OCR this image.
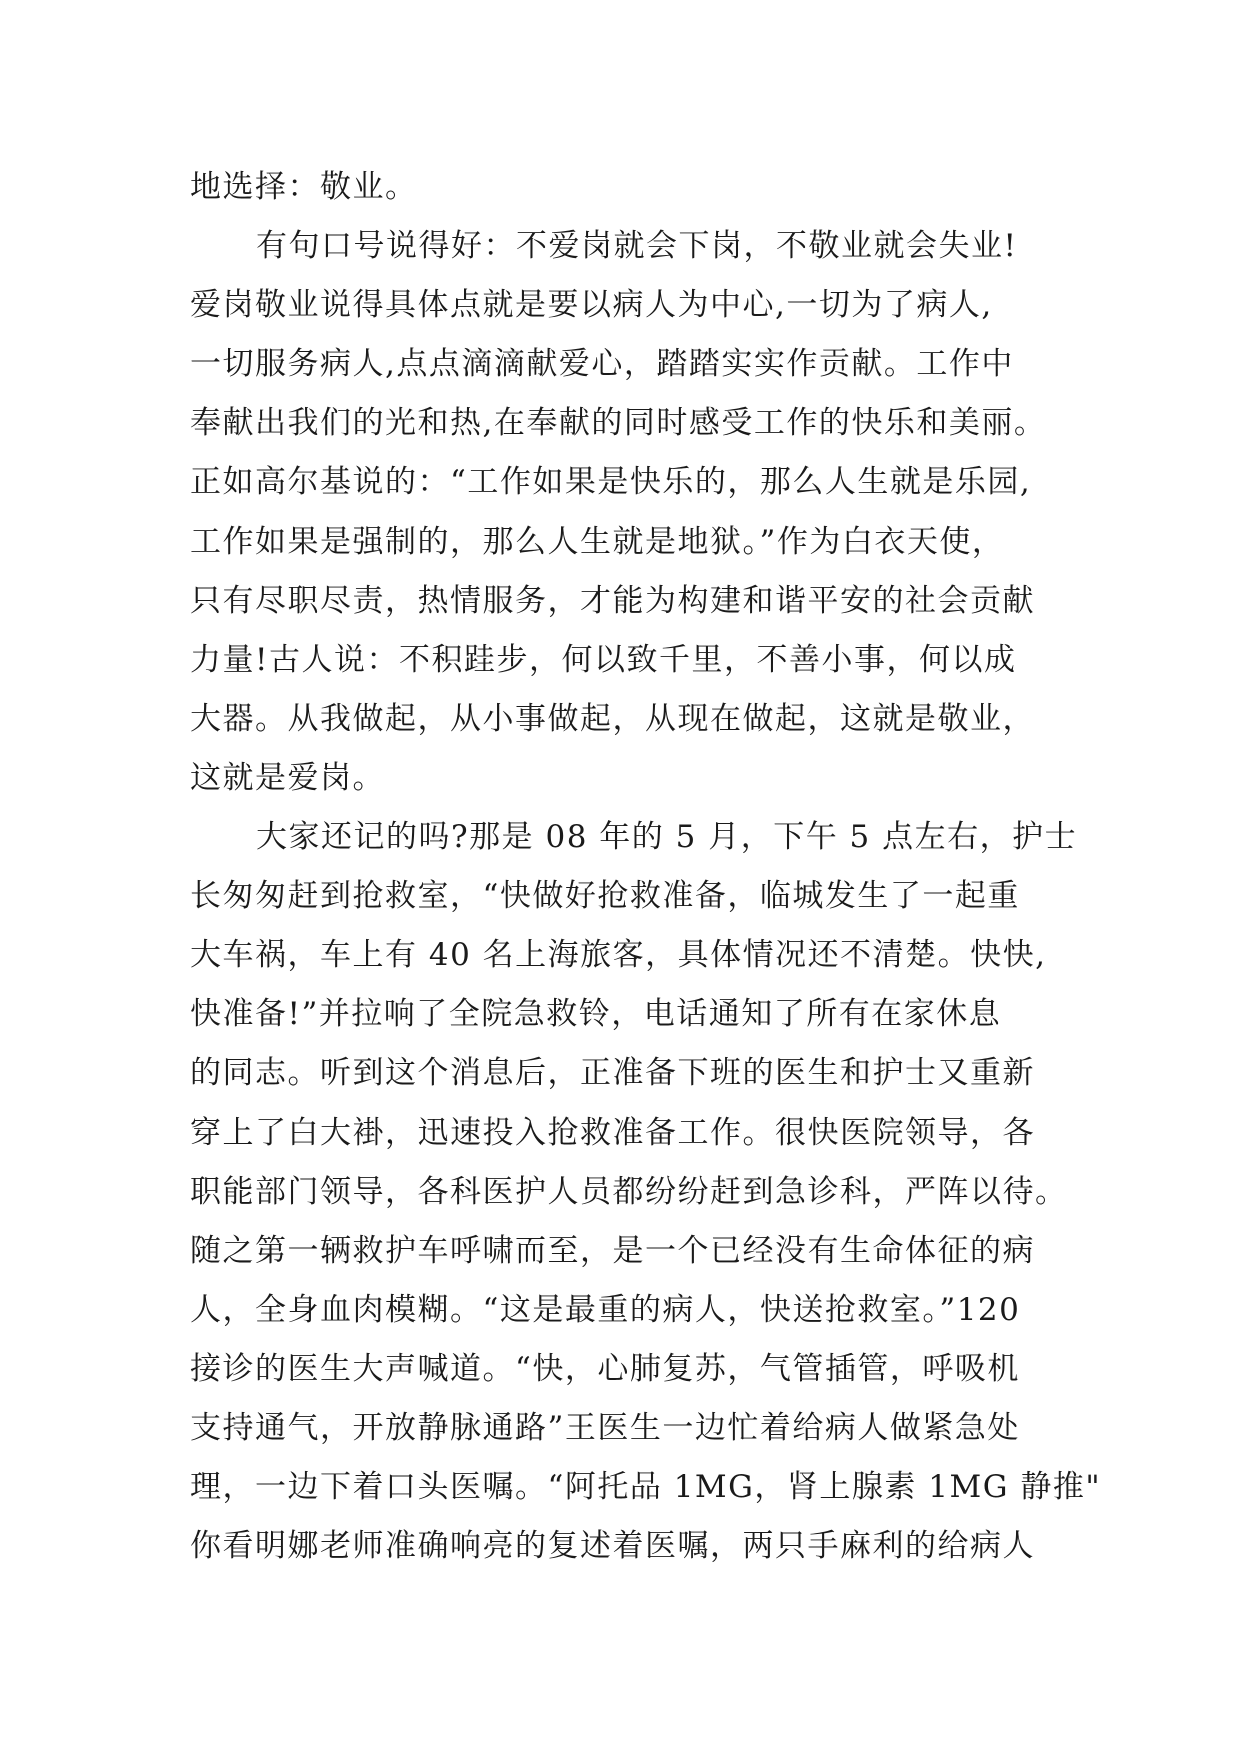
地选择：敬业。
有句口号说得好：不爱岗就会下岗，不敬业就会失业!
爱岗敬业说得具体点就是要以病人为中心,一切为了病人,
一切服务病人,点点滴滴献爱心，踏踏实实作贡献。工作中
奉献出我们的光和热,在奉献的同时感受工作的快乐和美丽。
正如高尔基说的：“工作如果是快乐的，那么人生就是乐园,
工作如果是强制的，那么人生就是地狱。”作为白衣天使，
只有尽职尽责，热情服务，才能为构建和谐平安的社会贡献
力量!古人说：不积跬步，何以致千里，不善小事，何以成
大器。从我做起，从小事做起，从现在做起，这就是敬业，
这就是爱岗。
大家还记的吗?那是 08 年的 5 月，下午 5 点左右，护士
长匆匆赶到抢救室，“快做好抢救准备，临城发生了一起重
大车祸，车上有 40 名上海旅客，具体情况还不清楚。快快,
快准备!”并拉响了全院急救铃，电话通知了所有在家休息
的同志。听到这个消息后，正准备下班的医生和护士又重新
穿上了白大褂，迅速投入抢救准备工作。很快医院领导，各
职能部门领导，各科医护人员都纷纷赶到急诊科，严阵以待。
随之第一辆救护车呼啸而至，是一个已经没有生命体征的病
人，全身血肉模糊。“这是最重的病人，快送抢救室。”120
接诊的医生大声喊道。“快，心肺复苏，气管插管，呼吸机
支持通气，开放静脉通路”王医生一边忙着给病人做紧急处
理，一边下着口头医嘱。“阿托品 1MG，肾上腺素 1MG 静推"
你看明娜老师准确响亮的复述着医嘱，两只手麻利的给病人
